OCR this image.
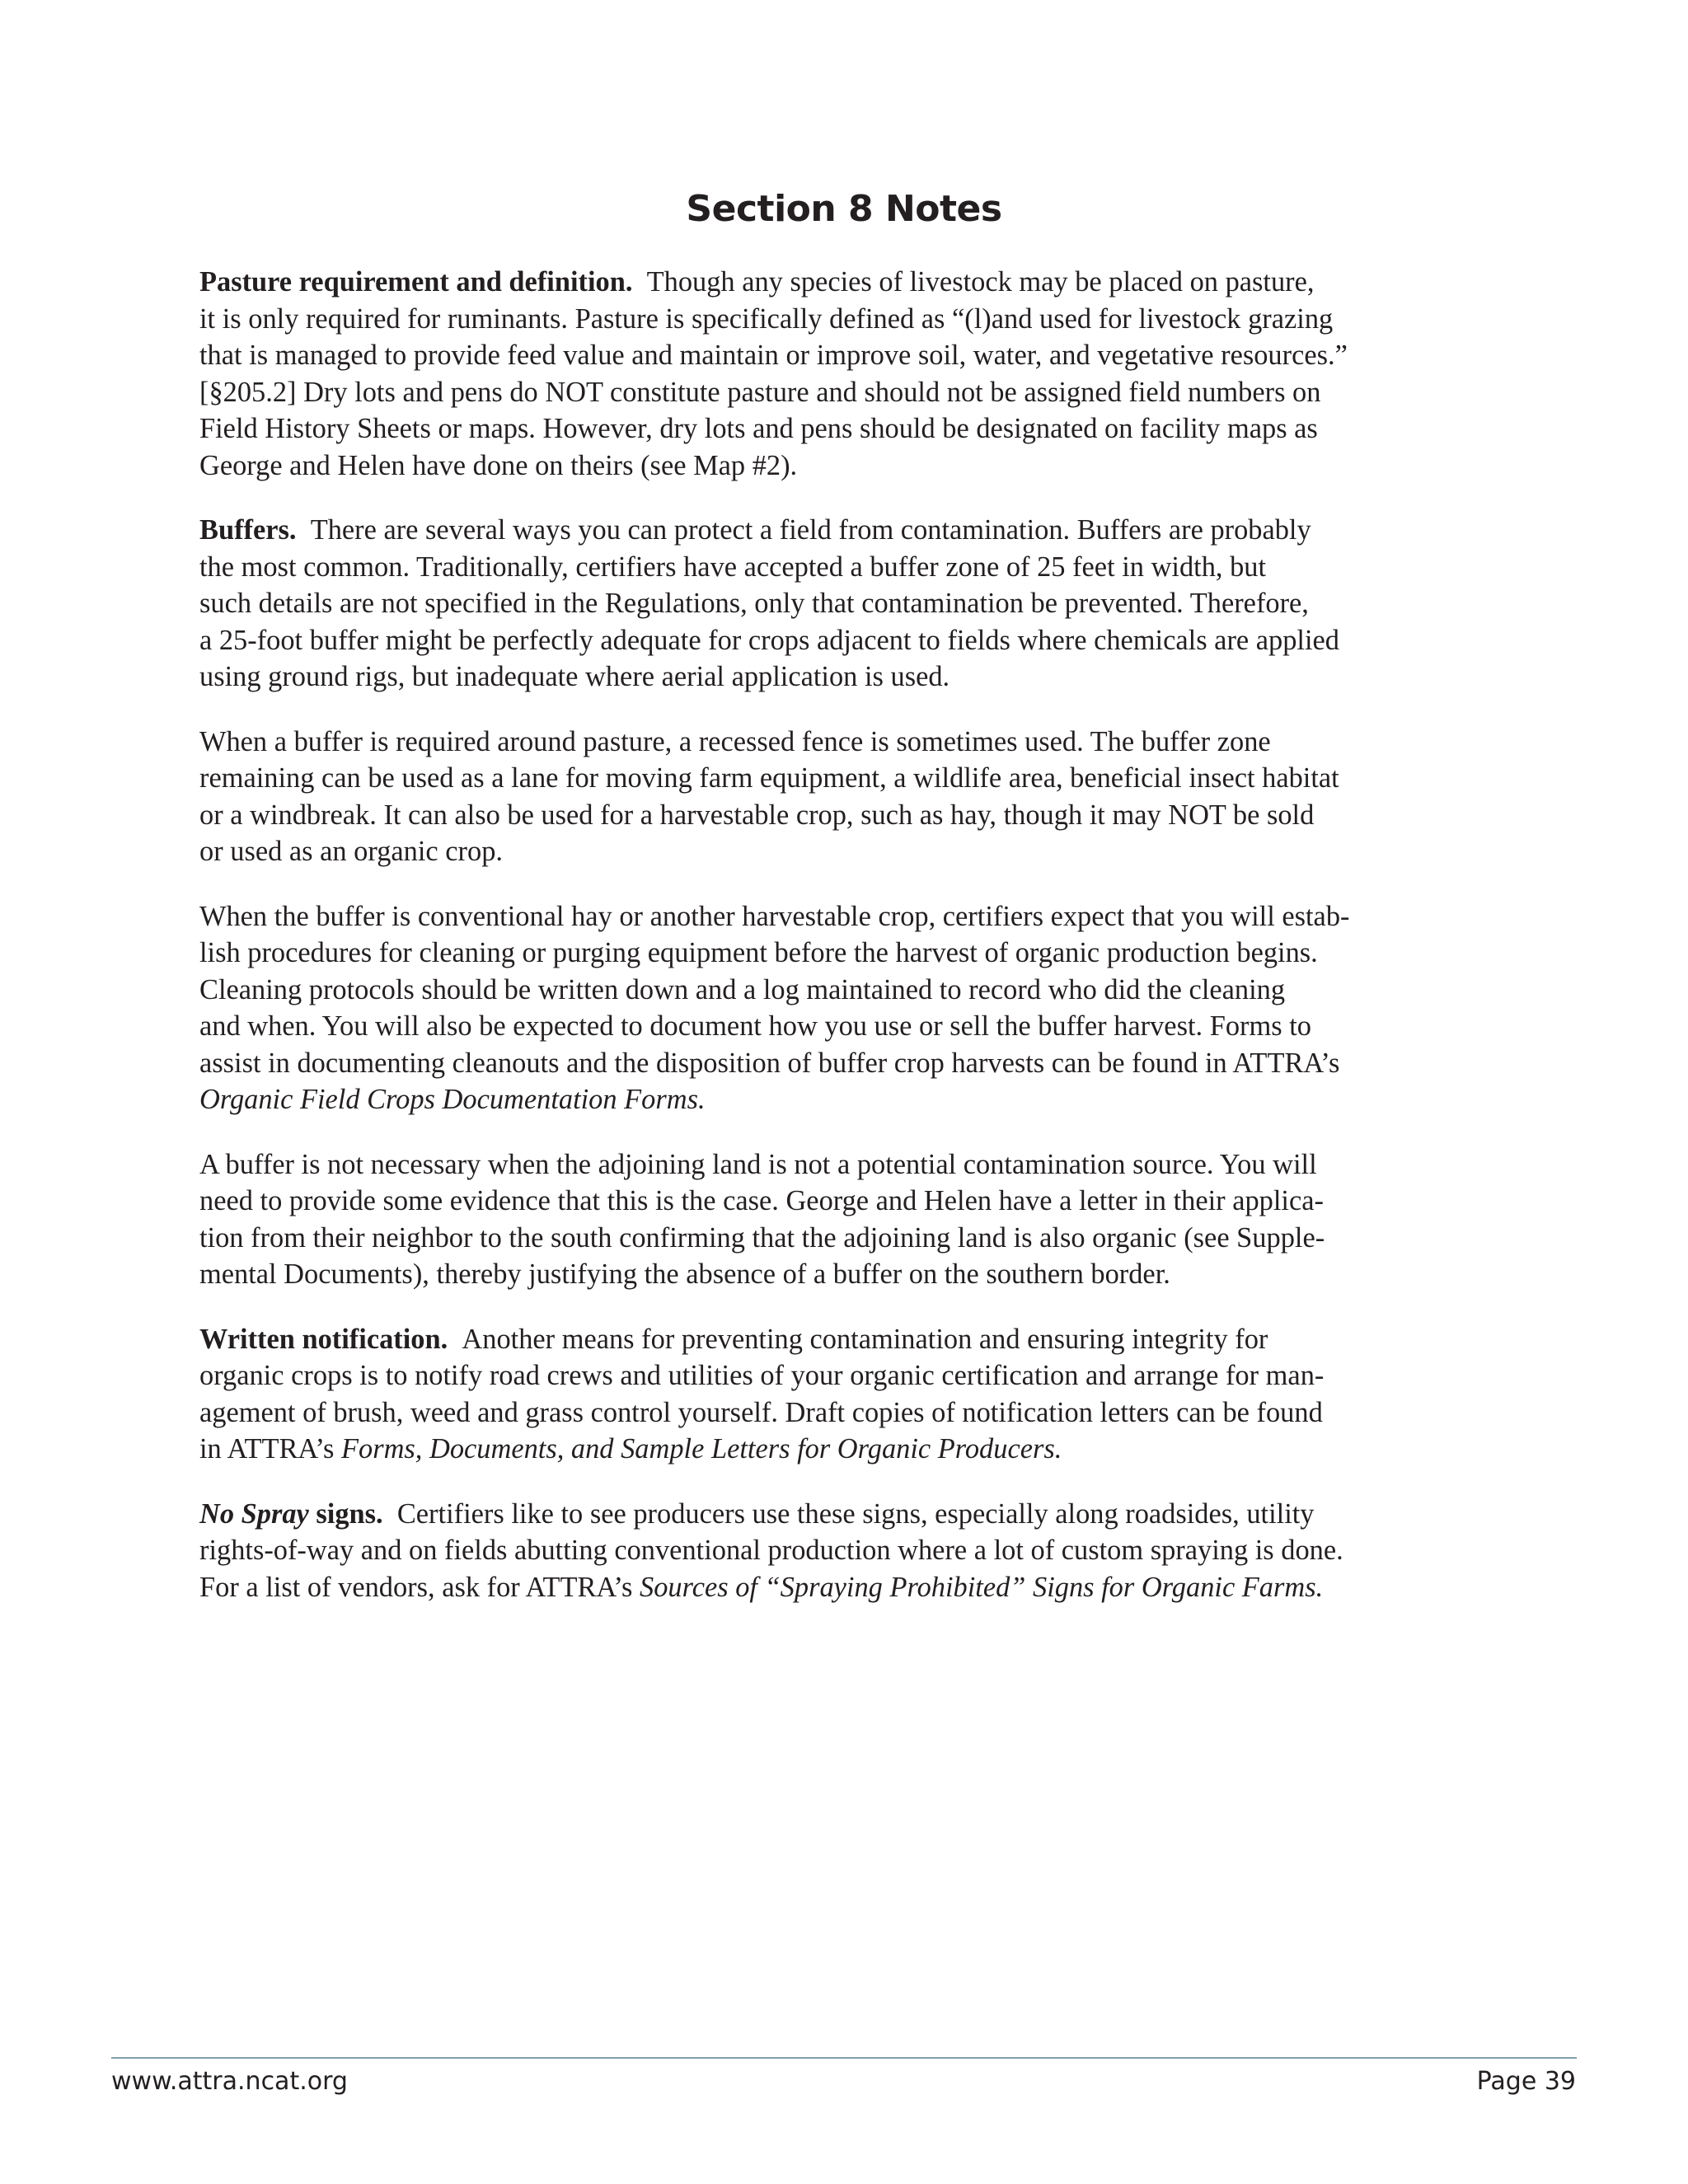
Section 8 Notes

Pasture requirement and definition. Though any species of livestock may be placed on pasture,
it is only required for ruminants. Pasture is specifically defined as “(l)and used for livestock grazing
that is managed to provide feed value and maintain or improve soil, water, and vegetative resources.”
[§205.2] Dry lots and pens do NOT constitute pasture and should not be assigned field numbers on
Field History Sheets or maps. However, dry lots and pens should be designated on facility maps as
George and Helen have done on theirs (see Map #2).

Buffers. There are several ways you can protect a field from contamination. Buffers are probably
the most common. Traditionally, certifiers have accepted a buffer zone of 25 feet in width, but
such details are not specified in the Regulations, only that contamination be prevented. Therefore,
a 25-foot buffer might be perfectly adequate for crops adjacent to fields where chemicals are applied
using ground rigs, but inadequate where aerial application is used.

When a buffer is required around pasture, a recessed fence is sometimes used. The buffer zone
remaining can be used as a lane for moving farm equipment, a wildlife area, beneficial insect habitat
or a windbreak. It can also be used for a harvestable crop, such as hay, though it may NOT be sold
or used as an organic crop.

When the buffer is conventional hay or another harvestable crop, certifiers expect that you will estab-
lish procedures for cleaning or purging equipment before the harvest of organic production begins.
Cleaning protocols should be written down and a log maintained to record who did the cleaning
and when. You will also be expected to document how you use or sell the buffer harvest. Forms to
assist in documenting cleanouts and the disposition of buffer crop harvests can be found in ATTRA’s
Organic Field Crops Documentation Forms.

A buffer is not necessary when the adjoining land is not a potential contamination source. You will
need to provide some evidence that this is the case. George and Helen have a letter in their applica-
tion from their neighbor to the south confirming that the adjoining land is also organic (see Supple-
mental Documents), thereby justifying the absence of a buffer on the southern border.

Written notification. Another means for preventing contamination and ensuring integrity for
organic crops is to notify road crews and utilities of your organic certification and arrange for man-
agement of brush, weed and grass control yourself. Draft copies of notification letters can be found
in ATTRA’s Forms, Documents, and Sample Letters for Organic Producers.

No Spray signs. Certifiers like to see producers use these signs, especially along roadsides, utility
rights-of-way and on fields abutting conventional production where a lot of custom spraying is done.
For a list of vendors, ask for ATTRA’s Sources of “Spraying Prohibited” Signs for Organic Farms.

www.attra.ncat.org	Page 39
